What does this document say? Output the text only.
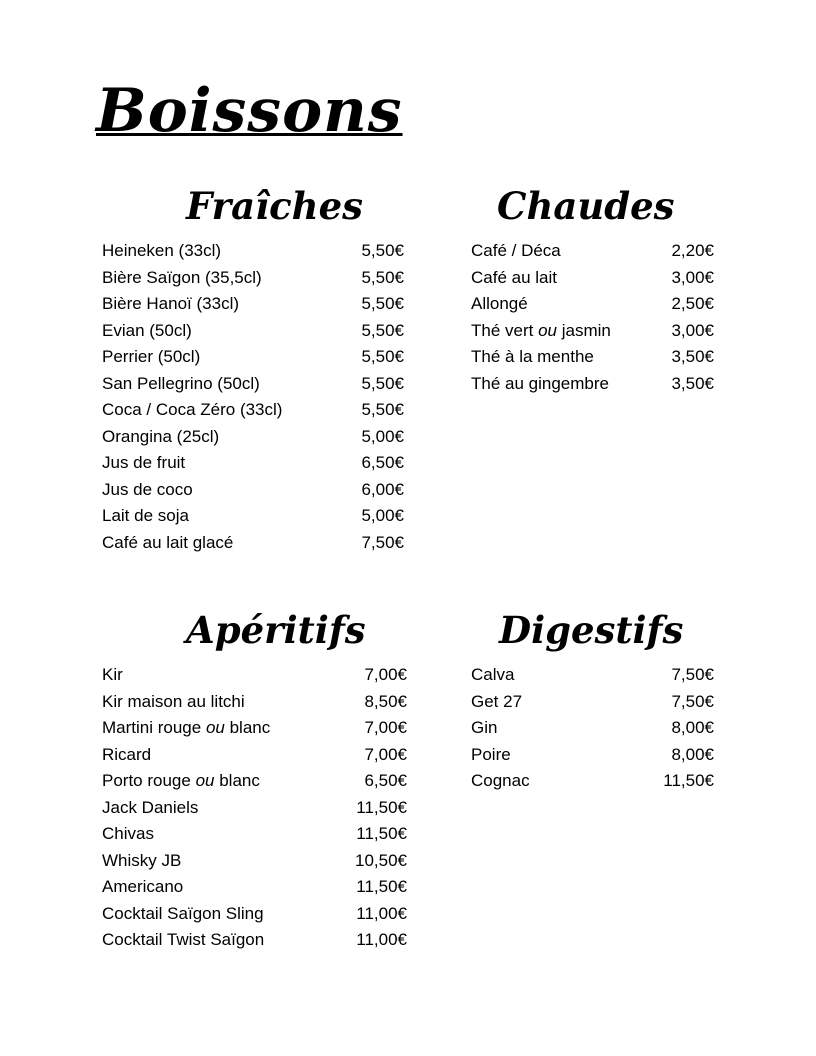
Boissons
Fraîches
Heineken (33cl)	5,50€
Bière Saïgon (35,5cl)	5,50€
Bière Hanoï (33cl)	5,50€
Evian (50cl)	5,50€
Perrier (50cl)	5,50€
San Pellegrino (50cl)	5,50€
Coca / Coca Zéro (33cl)	5,50€
Orangina (25cl)	5,00€
Jus de fruit	6,50€
Jus de coco	6,00€
Lait de soja	5,00€
Café au lait glacé	7,50€
Chaudes
Café / Déca	2,20€
Café au lait	3,00€
Allongé	2,50€
Thé vert ou jasmin	3,00€
Thé à la menthe	3,50€
Thé au gingembre	3,50€
Apéritifs
Kir	7,00€
Kir maison au litchi	8,50€
Martini rouge ou blanc	7,00€
Ricard	7,00€
Porto rouge ou blanc	6,50€
Jack Daniels	11,50€
Chivas	11,50€
Whisky JB	10,50€
Americano	11,50€
Cocktail Saïgon Sling	11,00€
Cocktail Twist Saïgon	11,00€
Digestifs
Calva	7,50€
Get 27	7,50€
Gin	8,00€
Poire	8,00€
Cognac	11,50€
